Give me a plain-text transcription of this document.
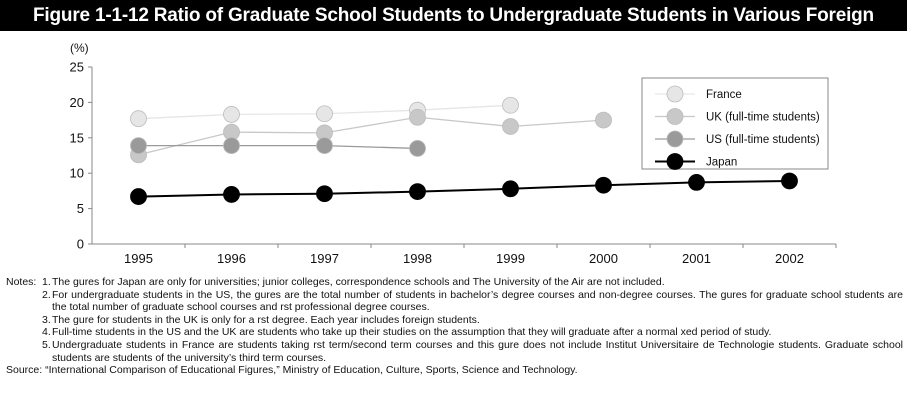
Figure 1-1-12 Ratio of Graduate School Students to Undergraduate Students in Various Foreign Countries
(%)
0
5
10
15
20
25
1995	1996	1997	1998	1999	2000	2001	2002
France
UK (full-time students)
US (full-time students)
Japan
Notes: 1. The gures for Japan are only for universities; junior colleges, correspondence schools and The University of the Air are not included.
2. For undergraduate students in the US, the gures are the total number of students in bachelor’s degree courses and non-degree courses. The gures for graduate school students are the total number of graduate school courses and rst professional degree courses.
3. The gure for students in the UK is only for a rst degree. Each year includes foreign students.
4. Full-time students in the US and the UK are students who take up their studies on the assumption that they will graduate after a normal xed period of study.
5. Undergraduate students in France are students taking rst term/second term courses and this gure does not include Institut Universitaire de Technologie students. Graduate school students are students of the university’s third term courses.
Source: “International Comparison of Educational Figures,” Ministry of Education, Culture, Sports, Science and Technology.
